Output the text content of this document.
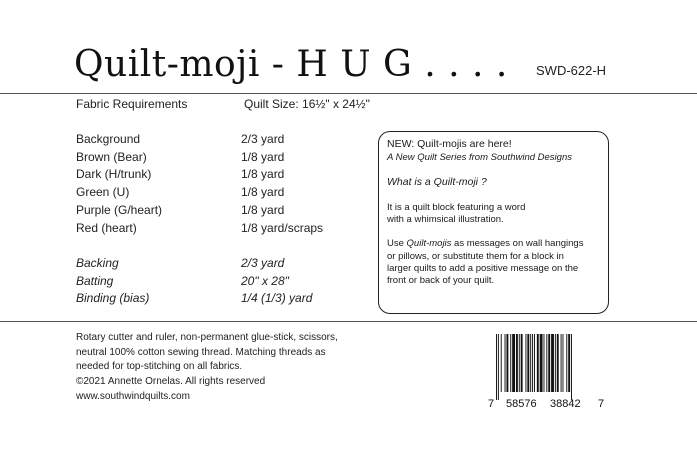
Quilt-moji - H U G . . . . SWD-622-H
Fabric Requirements	Quilt Size: 16½" x 24½"
Background	2/3 yard
Brown (Bear)	1/8 yard
Dark (H/trunk)	1/8 yard
Green (U)	1/8 yard
Purple (G/heart)	1/8 yard
Red (heart)	1/8 yard/scraps
Backing	2/3 yard
Batting	20" x 28"
Binding (bias)	1/4 (1/3) yard

NEW: Quilt-mojis are here!

A New Quilt Series from Southwind Designs

What is a Quilt-moji ?

It is a quilt block featuring a word

with a whimsical illustration.

Use Quilt-mojis as messages on wall hangings

or pillows, or substitute them for a block in

larger quilts to add a positive message on the

front or back of your quilt.

Rotary cutter and ruler, non-permanent glue-stick, scissors,

neutral 100% cotton sewing thread. Matching threads as

needed for top-stitching on all fabrics.

©2021 Annette Ornelas. All rights reserved

www.southwindquilts.com

7 58576 38842 7
